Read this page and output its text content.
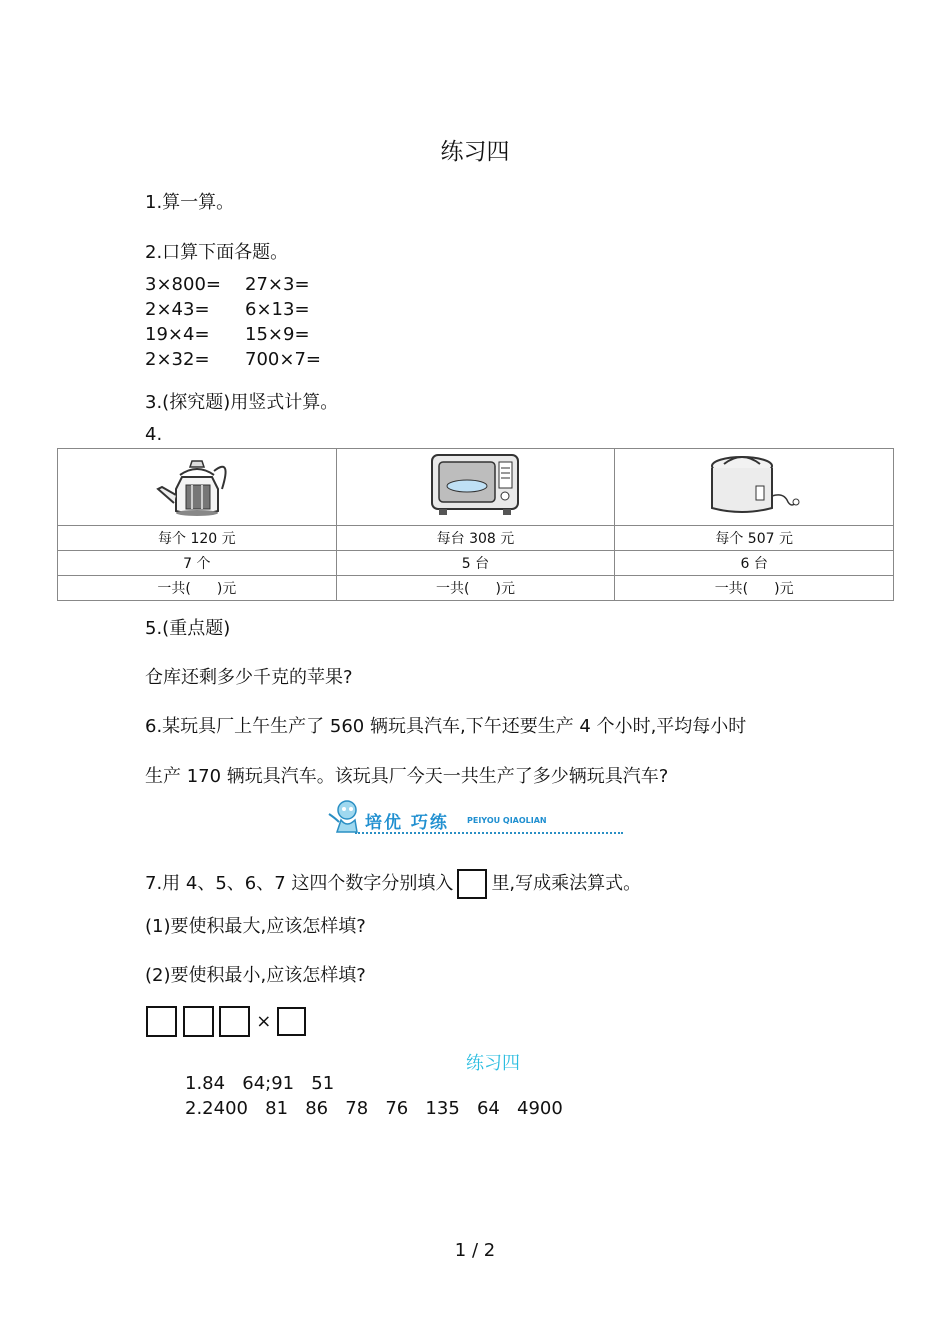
练习四
1.算一算。
2.口算下面各题。
3×800=	27×3=
2×43=	6×13=
19×4=	15×9=
2×32=	700×7=
3.(探究题)用竖式计算。
4.

每个 120 元	每台 308 元	每个 507 元
7 个	5 台	6 台
一共( )元	一共( )元	一共( )元
5.(重点题)
仓库还剩多少千克的苹果?
6.某玩具厂上午生产了 560 辆玩具汽车,下午还要生产 4 个小时,平均每小时
生产 170 辆玩具汽车。该玩具厂今天一共生产了多少辆玩具汽车?
培优 巧练 PEIYOU QIAOLIAN
7.用 4、5、6、7 这四个数字分别填入 里,写成乘法算式。
(1)要使积最大,应该怎样填?
(2)要使积最小,应该怎样填?
×
练习四
1.84   64;91   51
2.2400   81   86   78   76   135   64   4900
1 / 2
